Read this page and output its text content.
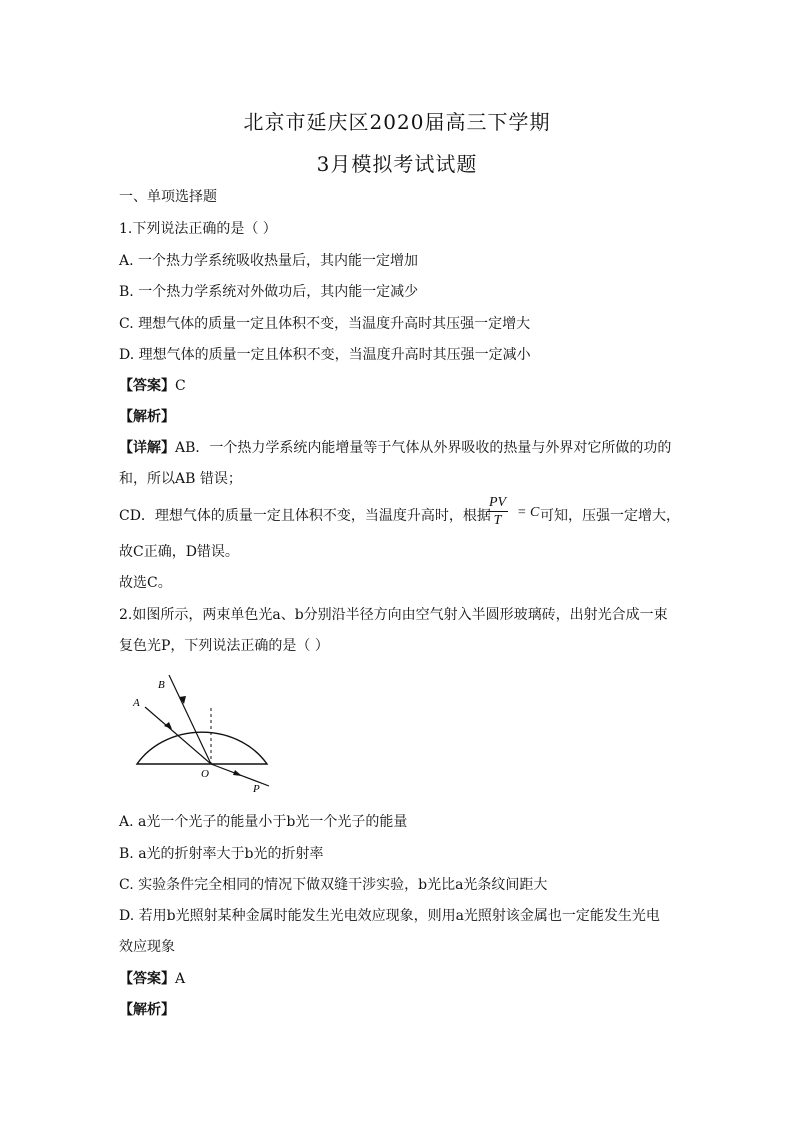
北京市延庆区2020届高三下学期
3月模拟考试试题
一、单项选择题
1.下列说法正确的是（ ）
A. 一个热力学系统吸收热量后，其内能一定增加
B. 一个热力学系统对外做功后，其内能一定减少
C. 理想气体的质量一定且体积不变，当温度升高时其压强一定增大
D. 理想气体的质量一定且体积不变，当温度升高时其压强一定减小
【答案】C
【解析】
【详解】AB．一个热力学系统内能增量等于气体从外界吸收的热量与外界对它所做的功的
和，所以AB 错误；
CD．理想气体的质量一定且体积不变，当温度升高时，根据
$\frac{PV}{T} = C$ 可知，压强一定增大，
故C正确，D错误。
故选C。
2.如图所示，两束单色光a、b分别沿半径方向由空气射入半圆形玻璃砖，出射光合成一束
复色光P，下列说法正确的是（ ）
A
B
O
P
A. a光一个光子的能量小于b光一个光子的能量
B. a光的折射率大于b光的折射率
C. 实验条件完全相同的情况下做双缝干涉实验，b光比a光条纹间距大
D. 若用b光照射某种金属时能发生光电效应现象，则用a光照射该金属也一定能发生光电
效应现象
【答案】A
【解析】
